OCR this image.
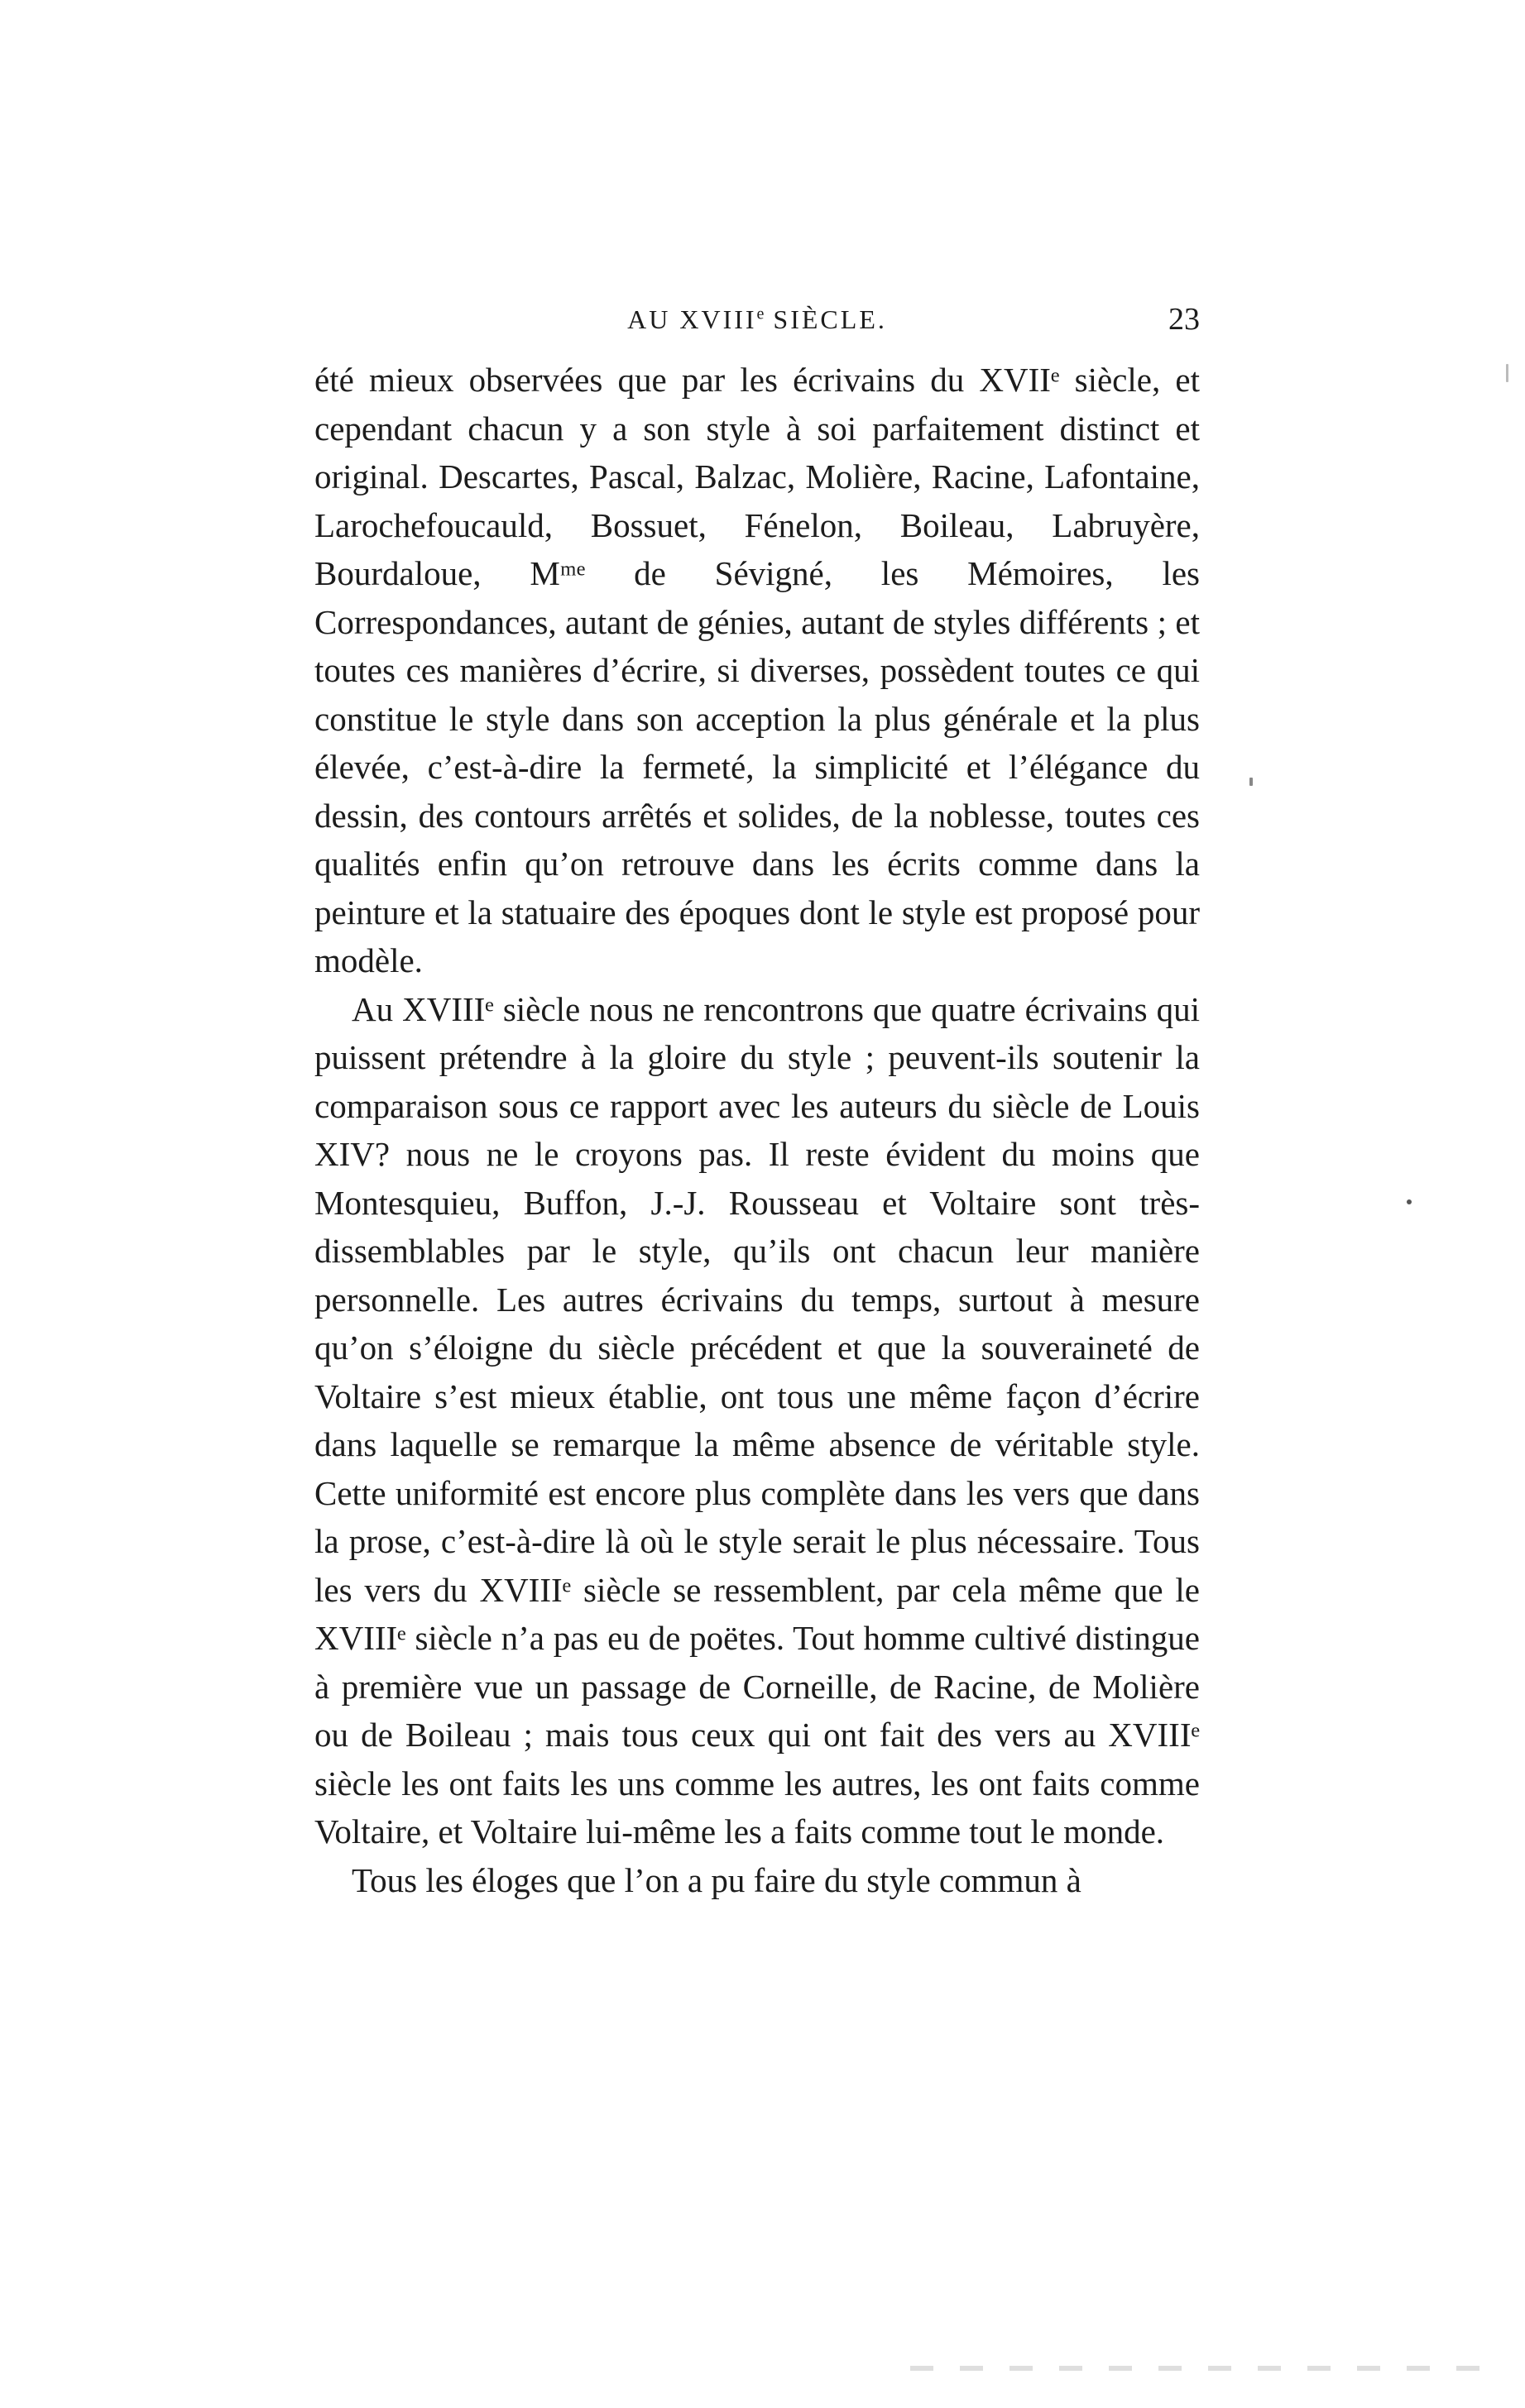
AU XVIIIe SIÈCLE.	23

été mieux observées que par les écrivains du XVIIᵉ siècle, et cependant chacun y a son style à soi parfaitement distinct et original. Descartes, Pascal, Balzac, Molière, Racine, Lafontaine, Larochefoucauld, Bossuet, Fénelon, Boileau, Labruyère, Bourdaloue, Mᵐᵉ de Sévigné, les Mémoires, les Correspondances, autant de génies, autant de styles différents ; et toutes ces manières d’écrire, si diverses, possèdent toutes ce qui constitue le style dans son acception la plus générale et la plus élevée, c’est-à-dire la fermeté, la simplicité et l’élégance du dessin, des contours arrêtés et solides, de la noblesse, toutes ces qualités enfin qu’on retrouve dans les écrits comme dans la peinture et la statuaire des époques dont le style est proposé pour modèle.

Au XVIIIᵉ siècle nous ne rencontrons que quatre écrivains qui puissent prétendre à la gloire du style ; peuvent-ils soutenir la comparaison sous ce rapport avec les auteurs du siècle de Louis XIV? nous ne le croyons pas. Il reste évident du moins que Montesquieu, Buffon, J.-J. Rousseau et Voltaire sont très-dissemblables par le style, qu’ils ont chacun leur manière personnelle. Les autres écrivains du temps, surtout à mesure qu’on s’éloigne du siècle précédent et que la souveraineté de Voltaire s’est mieux établie, ont tous une même façon d’écrire dans laquelle se remarque la même absence de véritable style. Cette uniformité est encore plus complète dans les vers que dans la prose, c’est-à-dire là où le style serait le plus nécessaire. Tous les vers du XVIIIᵉ siècle se ressemblent, par cela même que le XVIIIᵉ siècle n’a pas eu de poëtes. Tout homme cultivé distingue à première vue un passage de Corneille, de Racine, de Molière ou de Boileau ; mais tous ceux qui ont fait des vers au XVIIIᵉ siècle les ont faits les uns comme les autres, les ont faits comme Voltaire, et Voltaire lui-même les a faits comme tout le monde.

Tous les éloges que l’on a pu faire du style commun à
